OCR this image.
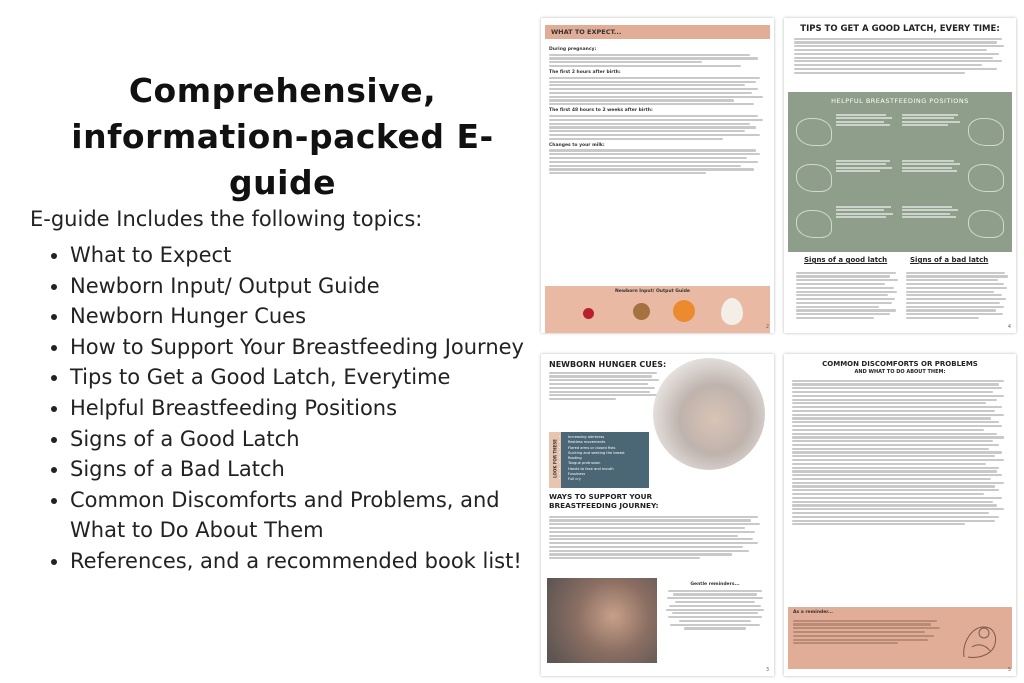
Comprehensive,
information-packed E-guide
E-guide Includes the following topics:
• What to Expect
• Newborn Input/ Output Guide
• Newborn Hunger Cues
• How to Support Your Breastfeeding Journey
• Tips to Get a Good Latch, Everytime
• Helpful Breastfeeding Positions
• Signs of a Good Latch
• Signs of a Bad Latch
• Common Discomforts and Problems, and What to Do About Them
• References, and a recommended book list!
WHAT TO EXPECT...
During pregnancy:
The first 2 hours after birth:
The first 48 hours to 2 weeks after birth:
Changes to your milk:
Newborn Input/ Output Guide

2
TIPS TO GET A GOOD LATCH, EVERY TIME:
HELPFUL BREASTFEEDING POSITIONS
Signs of a good latch	Signs of a bad latch
4
NEWBORN HUNGER CUES:
LOOK FOR THESE
• Increasing alertness
• Restless movements
• Flared arms or closed fists
• Sucking and seeking the breast
• Rooting
• Tongue protrusion
• Hands to face and mouth
• Fussiness
• Full cry
WAYS TO SUPPORT YOUR BREASTFEEDING JOURNEY:
Gentle reminders...
3
COMMON DISCOMFORTS OR PROBLEMS
AND WHAT TO DO ABOUT THEM:
As a reminder...
5
